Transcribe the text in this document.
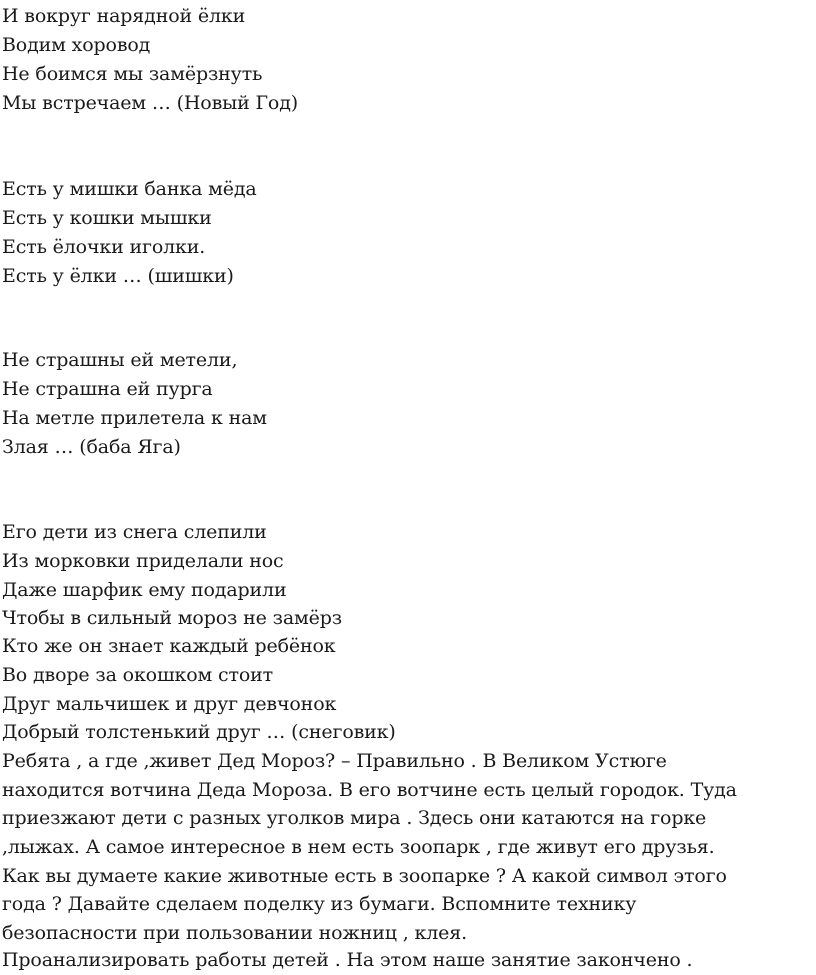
И вокруг нарядной ёлки
Водим хоровод
Не боимся мы замёрзнуть
Мы встречаем … (Новый Год)
Есть у мишки банка мёда
Есть у кошки мышки
Есть ёлочки иголки.
Есть у ёлки … (шишки)
Не страшны ей метели,
Не страшна ей пурга
На метле прилетела к нам
Злая … (баба Яга)
Его дети из снега слепили
Из морковки приделали нос
Даже шарфик ему подарили
Чтобы в сильный мороз не замёрз
Кто же он знает каждый ребёнок
Во дворе за окошком стоит
Друг мальчишек и друг девчонок
Добрый толстенький друг … (снеговик)
Ребята , а где ,живет Дед Мороз? – Правильно . В Великом Устюге
находится вотчина Деда Мороза. В его вотчине есть целый городок. Туда
приезжают дети с разных уголков мира . Здесь они катаются на горке
,лыжах. А самое интересное в нем есть зоопарк , где живут его друзья.
Как вы думаете какие животные есть в зоопарке ? А какой символ этого
года ? Давайте сделаем поделку из бумаги. Вспомните технику
безопасности при пользовании ножниц , клея.
Проанализировать работы детей . На этом наше занятие закончено .
